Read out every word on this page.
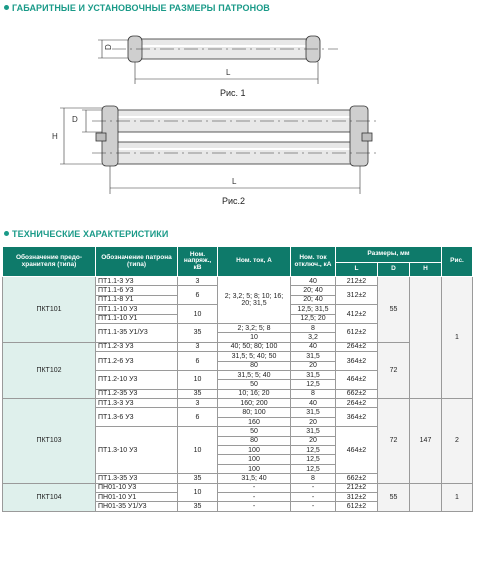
ГАБАРИТНЫЕ И УСТАНОВОЧНЫЕ РАЗМЕРЫ ПАТРОНОВ
D
L
Рис. 1
D
H
L
Рис.2
ТЕХНИЧЕСКИЕ ХАРАКТЕРИСТИКИ
Обозначение предо-хранителя (типа)	Обозначение патрона (типа)	Ном. напряж., кВ	Ном. ток, А	Ном. ток отключ., кА	Размеры, мм			Рис.
					L	D	H	
ПКТ101	ПТ1.1-3 У3	3	2; 3,2; 5; 8; 10; 16; 20; 31,5	40	212±2	55		1
	ПТ1.1-6 У3	6		20; 40	312±2			
	ПТ1.1-8 У1			20; 40				
	ПТ1.1-10 У3	10		12,5; 31,5	412±2			
	ПТ1.1-10 У1			12,5; 20				
	ПТ1.1-35 У1/У3	35	2; 3,2; 5; 8	8	612±2			
			10	3,2				
ПКТ102	ПТ1.2-3 У3	3	40; 50; 80; 100	40	264±2	72		
	ПТ1.2-6 У3	6	31,5; 5; 40; 50	31,5	364±2			
			80	20				
	ПТ1.2-10 У3	10	31,5; 5; 40	31,5	464±2			
			50	12,5				
	ПТ1.2-35 У3	35	10; 16; 20	8	662±2			
ПКТ103	ПТ1.3-3 У3	3	160; 200	40	264±2	72	147	2
	ПТ1.3-6 У3	6	80; 100	31,5	364±2			
			160	20				
	ПТ1.3-10 У3	10	50	31,5	464±2			
			80	20				
			100	12,5				
			100	12,5				
			100	12,5				
	ПТ1.3-35 У3	35	31,5; 40	8	662±2			
ПКТ104	ПН01-10 У3	10	-	-	212±2	55		1
	ПН01-10 У1		-	-	312±2			
	ПН01-35 У1/У3	35	-	-	612±2			
